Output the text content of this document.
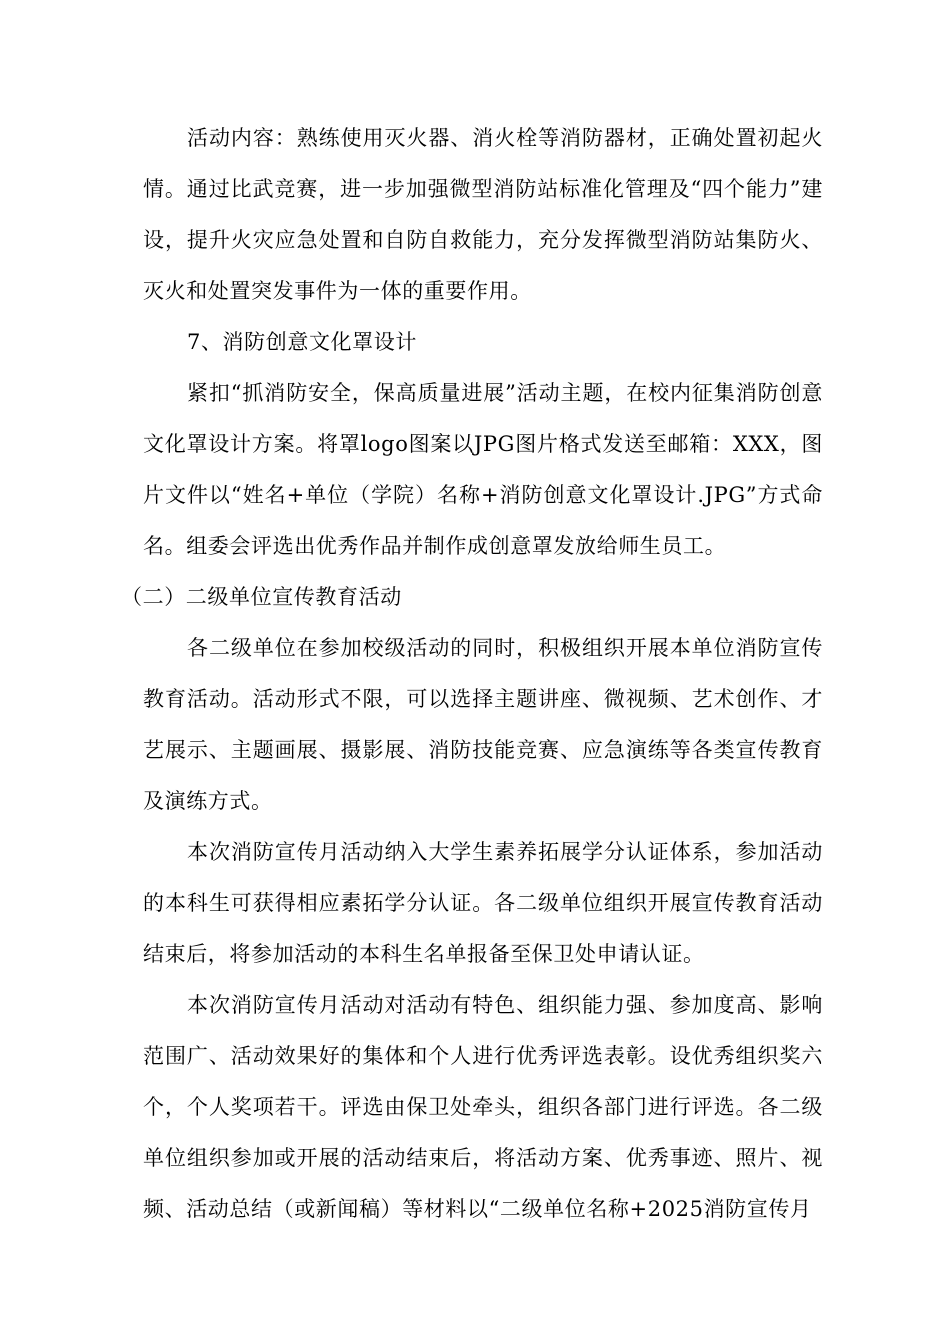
活动内容：熟练使用灭火器、消火栓等消防器材，正确处置初起火情。通过比武竞赛，进一步加强微型消防站标准化管理及“四个能力”建设，提升火灾应急处置和自防自救能力，充分发挥微型消防站集防火、灭火和处置突发事件为一体的重要作用。

7、消防创意文化罩设计

紧扣“抓消防安全，保高质量进展”活动主题，在校内征集消防创意文化罩设计方案。将罩logo图案以JPG图片格式发送至邮箱：XXX，图片文件以“姓名+单位（学院）名称+消防创意文化罩设计.JPG”方式命名。组委会评选出优秀作品并制作成创意罩发放给师生员工。

（二）二级单位宣传教育活动

各二级单位在参加校级活动的同时，积极组织开展本单位消防宣传教育活动。活动形式不限，可以选择主题讲座、微视频、艺术创作、才艺展示、主题画展、摄影展、消防技能竞赛、应急演练等各类宣传教育及演练方式。

本次消防宣传月活动纳入大学生素养拓展学分认证体系，参加活动的本科生可获得相应素拓学分认证。各二级单位组织开展宣传教育活动结束后，将参加活动的本科生名单报备至保卫处申请认证。

本次消防宣传月活动对活动有特色、组织能力强、参加度高、影响范围广、活动效果好的集体和个人进行优秀评选表彰。设优秀组织奖六个，个人奖项若干。评选由保卫处牵头，组织各部门进行评选。各二级单位组织参加或开展的活动结束后，将活动方案、优秀事迹、照片、视频、活动总结（或新闻稿）等材料以“二级单位名称+2025消防宣传月
